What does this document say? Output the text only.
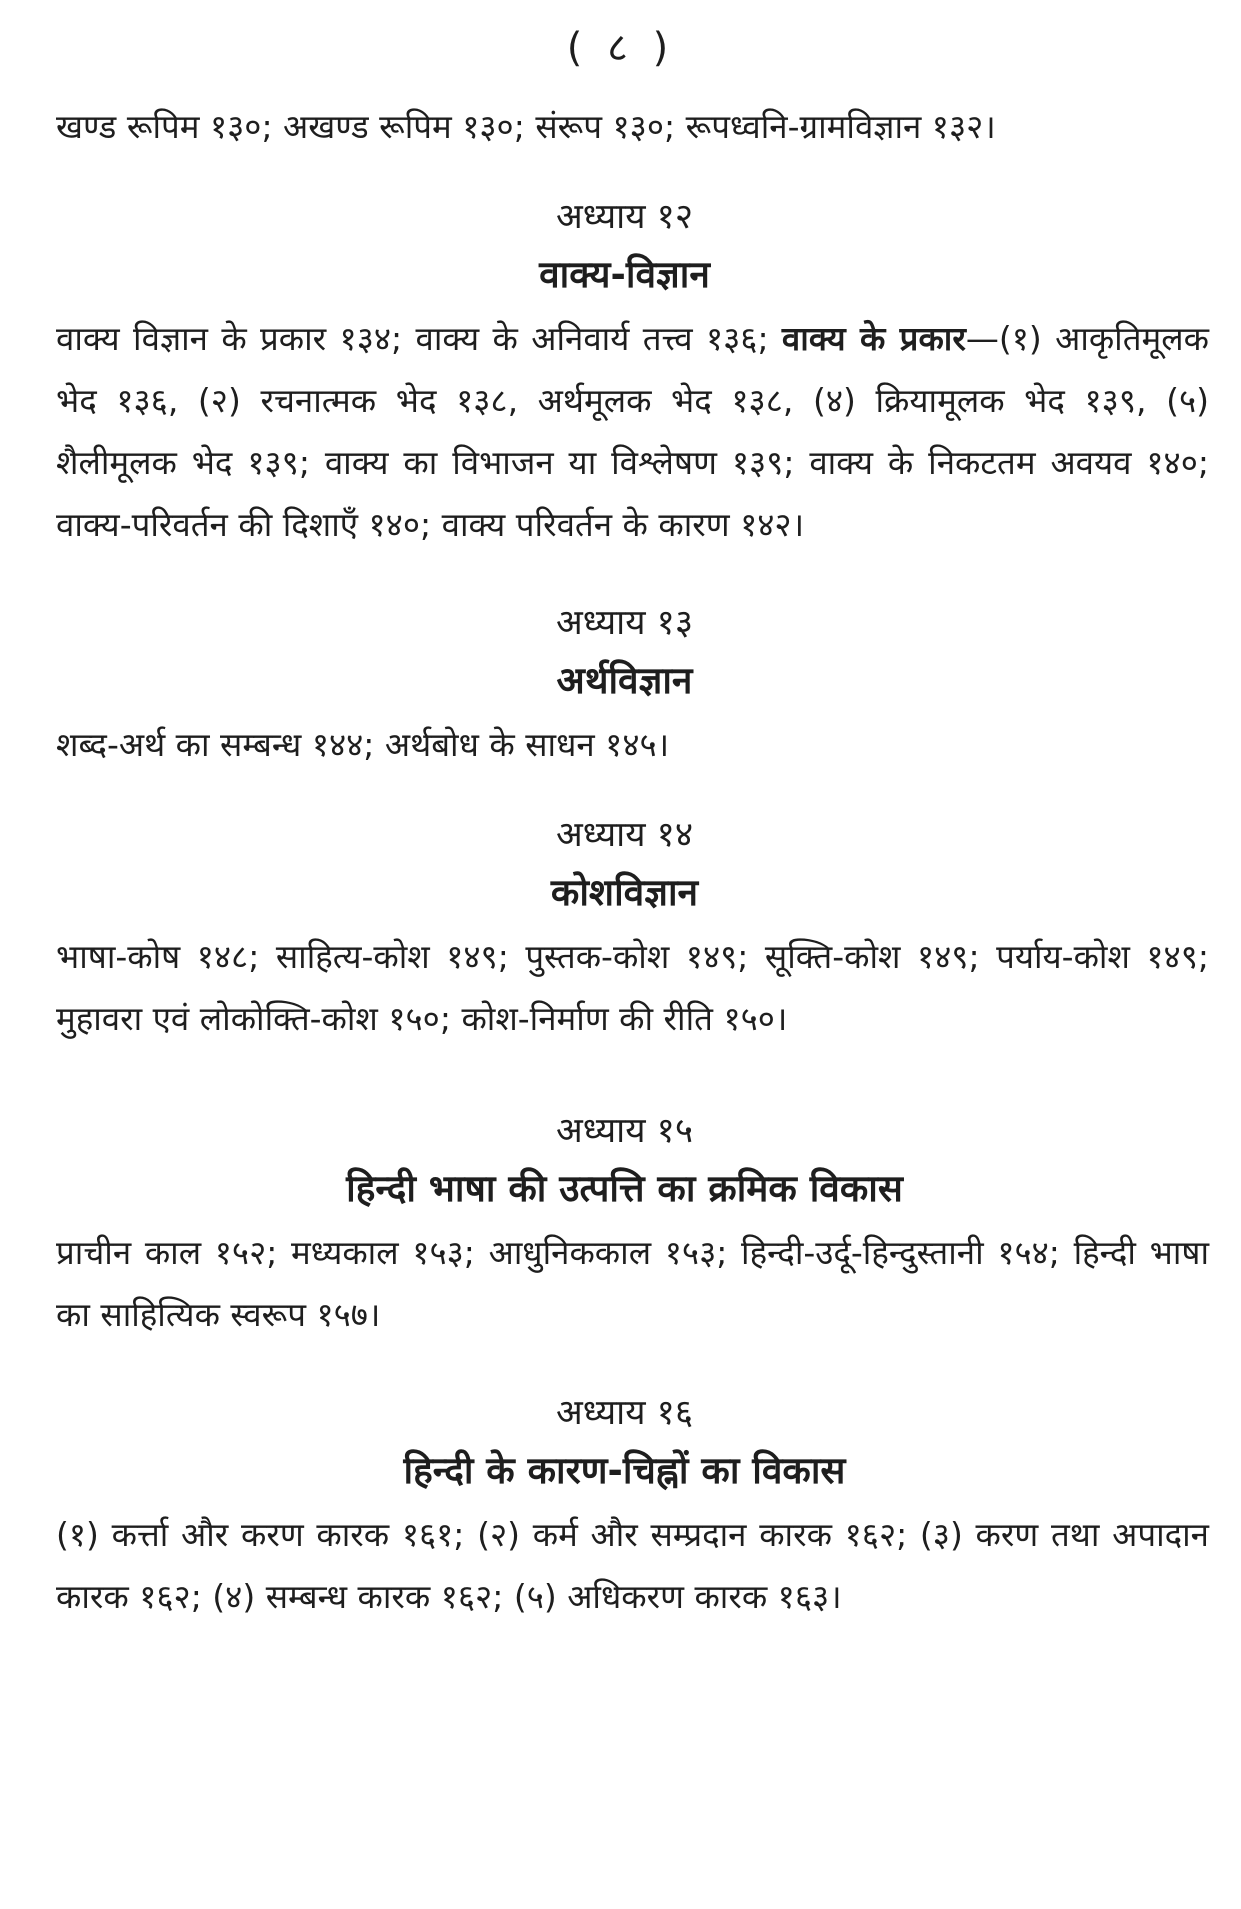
( ८ )

खण्ड रूपिम १३०; अखण्ड रूपिम १३०; संरूप १३०; रूपध्वनि-ग्रामविज्ञान १३२।

अध्याय १२

वाक्य-विज्ञान

वाक्य विज्ञान के प्रकार १३४; वाक्य के अनिवार्य तत्त्व १३६; वाक्य के प्रकार—(१) आकृतिमूलक भेद १३६, (२) रचनात्मक भेद १३८, अर्थमूलक भेद १३८, (४) क्रियामूलक भेद १३९, (५) शैलीमूलक भेद १३९; वाक्य का विभाजन या विश्लेषण १३९; वाक्य के निकटतम अवयव १४०; वाक्य-परिवर्तन की दिशाएँ १४०; वाक्य परिवर्तन के कारण १४२।

अध्याय १३

अर्थविज्ञान

शब्द-अर्थ का सम्बन्ध १४४; अर्थबोध के साधन १४५।

अध्याय १४

कोशविज्ञान

भाषा-कोष १४८; साहित्य-कोश १४९; पुस्तक-कोश १४९; सूक्ति-कोश १४९; पर्याय-कोश १४९; मुहावरा एवं लोकोक्ति-कोश १५०; कोश-निर्माण की रीति १५०।

अध्याय १५

हिन्दी भाषा की उत्पत्ति का क्रमिक विकास

प्राचीन काल १५२; मध्यकाल १५३; आधुनिककाल १५३; हिन्दी-उर्दू-हिन्दुस्तानी १५४; हिन्दी भाषा का साहित्यिक स्वरूप १५७।

अध्याय १६

हिन्दी के कारण-चिह्नों का विकास

(१) कर्त्ता और करण कारक १६१; (२) कर्म और सम्प्रदान कारक १६२; (३) करण तथा अपादान कारक १६२; (४) सम्बन्ध कारक १६२; (५) अधिकरण कारक १६३।
